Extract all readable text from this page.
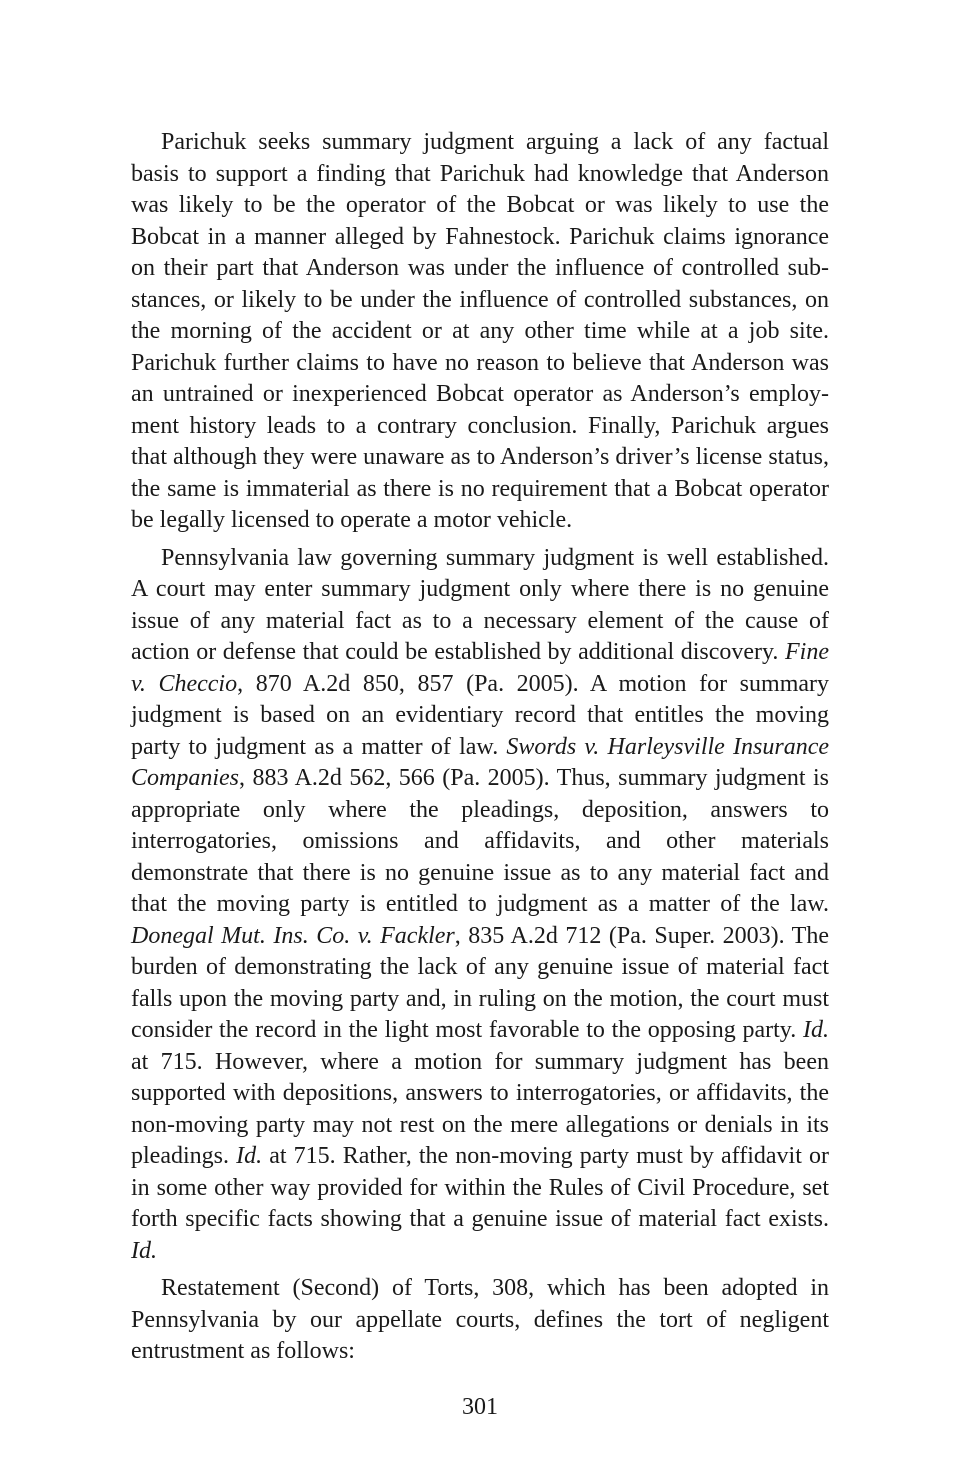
Parichuk seeks summary judgment arguing a lack of any factual basis to support a finding that Parichuk had knowledge that Anderson was likely to be the operator of the Bobcat or was likely to use the Bobcat in a manner alleged by Fahnestock. Parichuk claims ignorance on their part that Anderson was under the influence of controlled substances, or likely to be under the influence of controlled substances, on the morning of the accident or at any other time while at a job site. Parichuk further claims to have no reason to believe that Anderson was an untrained or inexperienced Bobcat operator as Anderson’s employment history leads to a contrary conclusion. Finally, Parichuk argues that although they were unaware as to Anderson’s driver’s license status, the same is immaterial as there is no requirement that a Bobcat operator be legally licensed to operate a motor vehicle.

Pennsylvania law governing summary judgment is well established. A court may enter summary judgment only where there is no genuine issue of any material fact as to a necessary element of the cause of action or defense that could be established by additional discovery. Fine v. Checcio, 870 A.2d 850, 857 (Pa. 2005). A motion for summary judgment is based on an evidentiary record that entitles the moving party to judgment as a matter of law. Swords v. Harleysville Insurance Companies, 883 A.2d 562, 566 (Pa. 2005). Thus, summary judgment is appropriate only where the pleadings, deposition, answers to interrogatories, omissions and affidavits, and other materials demonstrate that there is no genuine issue as to any material fact and that the moving party is entitled to judgment as a matter of the law. Donegal Mut. Ins. Co. v. Fackler, 835 A.2d 712 (Pa. Super. 2003). The burden of demonstrating the lack of any genuine issue of material fact falls upon the moving party and, in ruling on the motion, the court must consider the record in the light most favorable to the opposing party. Id. at 715. However, where a motion for summary judgment has been supported with depositions, answers to interrogatories, or affidavits, the non-moving party may not rest on the mere allegations or denials in its pleadings. Id. at 715. Rather, the non-moving party must by affidavit or in some other way provided for within the Rules of Civil Procedure, set forth specific facts showing that a genuine issue of material fact exists. Id.

Restatement (Second) of Torts, 308, which has been adopted in Pennsylvania by our appellate courts, defines the tort of negligent entrustment as follows:

301
